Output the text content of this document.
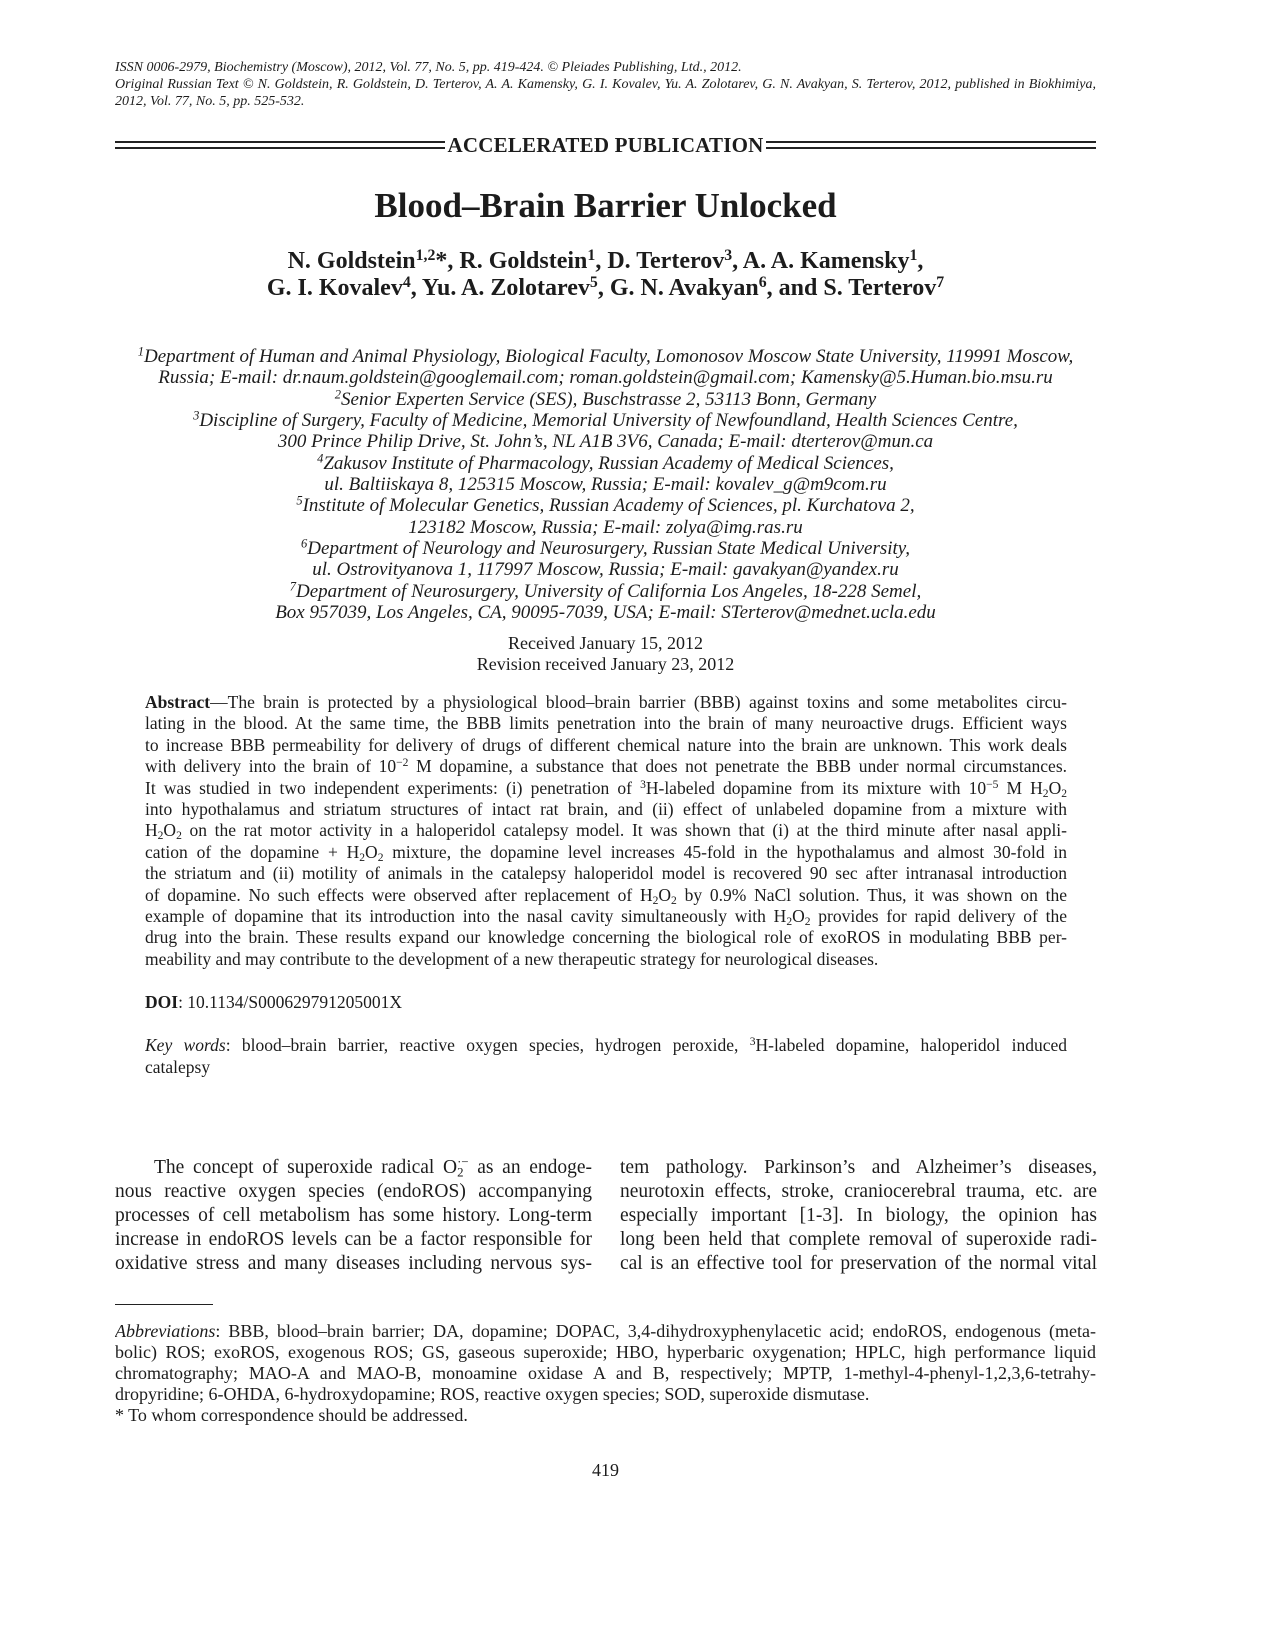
ISSN 0006-2979, Biochemistry (Moscow), 2012, Vol. 77, No. 5, pp. 419-424. © Pleiades Publishing, Ltd., 2012.
Original Russian Text © N. Goldstein, R. Goldstein, D. Terterov, A. A. Kamensky, G. I. Kovalev, Yu. A. Zolotarev, G. N. Avakyan, S. Terterov, 2012, published in Biokhimiya,
2012, Vol. 77, No. 5, pp. 525-532.
ACCELERATED PUBLICATION
Blood–Brain Barrier Unlocked
N. Goldstein$^{1,2}$*, R. Goldstein$^1$, D. Terterov$^3$, A. A. Kamensky$^1$,
G. I. Kovalev$^4$, Yu. A. Zolotarev$^5$, G. N. Avakyan$^6$, and S. Terterov$^7$
$^1$Department of Human and Animal Physiology, Biological Faculty, Lomonosov Moscow State University, 119991 Moscow,
Russia; E-mail: dr.naum.goldstein@googlemail.com; roman.goldstein@gmail.com; Kamensky@5.Human.bio.msu.ru
$^2$Senior Experten Service (SES), Buschstrasse 2, 53113 Bonn, Germany
$^3$Discipline of Surgery, Faculty of Medicine, Memorial University of Newfoundland, Health Sciences Centre,
300 Prince Philip Drive, St. John’s, NL A1B 3V6, Canada; E-mail: dterterov@mun.ca
$^4$Zakusov Institute of Pharmacology, Russian Academy of Medical Sciences,
ul. Baltiiskaya 8, 125315 Moscow, Russia; E-mail: kovalev_g@m9com.ru
$^5$Institute of Molecular Genetics, Russian Academy of Sciences, pl. Kurchatova 2,
123182 Moscow, Russia; E-mail: zolya@img.ras.ru
$^6$Department of Neurology and Neurosurgery, Russian State Medical University,
ul. Ostrovityanova 1, 117997 Moscow, Russia; E-mail: gavakyan@yandex.ru
$^7$Department of Neurosurgery, University of California Los Angeles, 18-228 Semel,
Box 957039, Los Angeles, CA, 90095-7039, USA; E-mail: STerterov@mednet.ucla.edu
Received January 15, 2012
Revision received January 23, 2012
Abstract—The brain is protected by a physiological blood–brain barrier (BBB) against toxins and some metabolites circu-
lating in the blood. At the same time, the BBB limits penetration into the brain of many neuroactive drugs. Efficient ways
to increase BBB permeability for delivery of drugs of different chemical nature into the brain are unknown. This work deals
with delivery into the brain of $10^{-2}$ M dopamine, a substance that does not penetrate the BBB under normal circumstances.
It was studied in two independent experiments: (i) penetration of $^3$H-labeled dopamine from its mixture with $10^{-5}$ M $H_2O_2$
into hypothalamus and striatum structures of intact rat brain, and (ii) effect of unlabeled dopamine from a mixture with
$H_2O_2$ on the rat motor activity in a haloperidol catalepsy model. It was shown that (i) at the third minute after nasal appli-
cation of the dopamine + $H_2O_2$ mixture, the dopamine level increases 45-fold in the hypothalamus and almost 30-fold in
the striatum and (ii) motility of animals in the catalepsy haloperidol model is recovered 90 sec after intranasal introduction
of dopamine. No such effects were observed after replacement of $H_2O_2$ by 0.9% NaCl solution. Thus, it was shown on the
example of dopamine that its introduction into the nasal cavity simultaneously with $H_2O_2$ provides for rapid delivery of the
drug into the brain. These results expand our knowledge concerning the biological role of exoROS in modulating BBB per-
meability and may contribute to the development of a new therapeutic strategy for neurological diseases.
DOI: 10.1134/S000629791205001X
Key words: blood–brain barrier, reactive oxygen species, hydrogen peroxide, $^3$H-labeled dopamine, haloperidol induced
catalepsy
The concept of superoxide radical $O_2^{\cdot-}$ as an endoge-
nous reactive oxygen species (endoROS) accompanying
processes of cell metabolism has some history. Long-term
increase in endoROS levels can be a factor responsible for
oxidative stress and many diseases including nervous sys-
tem pathology. Parkinson’s and Alzheimer’s diseases,
neurotoxin effects, stroke, craniocerebral trauma, etc. are
especially important [1-3]. In biology, the opinion has
long been held that complete removal of superoxide radi-
cal is an effective tool for preservation of the normal vital
Abbreviations: BBB, blood–brain barrier; DA, dopamine; DOPAC, 3,4-dihydroxyphenylacetic acid; endoROS, endogenous (meta-
bolic) ROS; exoROS, exogenous ROS; GS, gaseous superoxide; HBO, hyperbaric oxygenation; HPLC, high performance liquid
chromatography; MAO-A and MAO-B, monoamine oxidase A and B, respectively; MPTP, 1-methyl-4-phenyl-1,2,3,6-tetrahy-
dropyridine; 6-OHDA, 6-hydroxydopamine; ROS, reactive oxygen species; SOD, superoxide dismutase.
* To whom correspondence should be addressed.
419
